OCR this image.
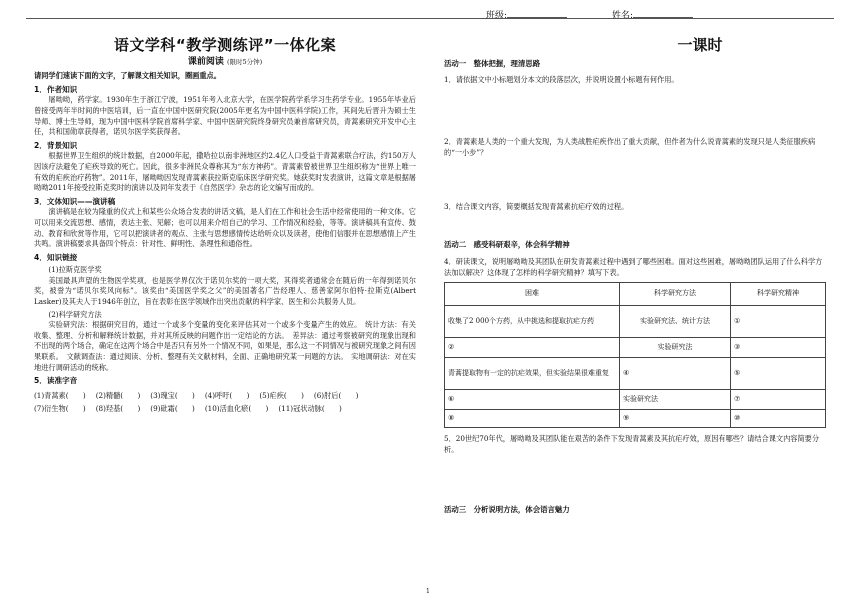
班级:	姓名:
语文学科“教学测练评”一体化案
课前阅读 (限时5分钟)
请同学们速读下面的文字，了解课文相关知识，圈画重点。
1．作者知识

屠呦呦，药学家。1930年生于浙江宁波，1951年考入北京大学，在医学院药学系学习生药学专业。1955年毕业后曾接受两年半时间的中医培训，后一直在中国中医研究院(2005年更名为中国中医科学院)工作，其间先后晋升为硕士生导师、博士生导师，现为中国中医科学院首席科学家、中国中医研究院终身研究员兼首席研究员，青蒿素研究开发中心主任，共和国勋章获得者，诺贝尔医学奖获得者。

2．背景知识

根据世界卫生组织的统计数据，自2000年起，撒哈拉以南非洲地区约2.4亿人口受益于青蒿素联合疗法，约150万人因该疗法避免了疟疾导致的死亡。因此，很多非洲民众尊称其为“东方神药”。青蒿素曾被世界卫生组织称为“世界上唯一有效的疟疾治疗药物”。2011年，屠呦呦因发现青蒿素获拉斯克临床医学研究奖。她获奖时发表演讲，这篇文章是根据屠呦呦2011年接受拉斯克奖时的演讲以及同年发表于《自然医学》杂志的论文编写而成的。

3．文体知识——演讲稿

演讲稿是在较为隆重的仪式上和某些公众场合发表的讲话文稿，是人们在工作和社会生活中经常使用的一种文体。它可以用来交流思想、感情，表达主张、见解；也可以用来介绍自己的学习、工作情况和经验，等等。演讲稿具有宣传、鼓动、教育和欣赏等作用，它可以把演讲者的观点、主张与思想感情传达给听众以及读者，使他们信服并在思想感情上产生共鸣。演讲稿要求具备四个特点：针对性、鲜明性、条理性和通俗性。

4．知识链接
(1)拉斯克医学奖

美国最具声望的生物医学奖项，也是医学界仅次于诺贝尔奖的一项大奖，其得奖者通常会在随后的一年得到诺贝尔奖，被誉为“诺贝尔奖风向标”。该奖由“美国医学奖之父”的美国著名广告经理人、慈善家阿尔伯特·拉斯克(Albert Lasker)及其夫人于1946年创立，旨在表彰在医学领域作出突出贡献的科学家、医生和公共服务人员。

(2)科学研究方法

实验研究法：根据研究目的，通过一个或多个变量的变化来评估其对一个或多个变量产生的效应。　统计方法：有关收集、整理、分析和解释统计数据，并对其所反映的问题作出一定结论的方法。　差异法：通过考察被研究的现象出现和不出现的两个场合，确定在这两个场合中是否只有另外一个情况不同，如果是，那么这一不同情况与被研究现象之间有因果联系。　文献调查法：通过阅读、分析、整理有关文献材料，全面、正确地研究某一问题的方法。　实地调研法：对在实地进行调研活动的统称。

5．读准字音
(1)青蒿素(　　) (2)精髓(　　) (3)瑰宝(　　) (4)呼吁(　　) (5)疟疾(　　) (6)肘后(　　)
(7)衍生物(　　) (8)羟基(　　) (9)砒霜(　　) (10)活血化瘀(　　) (11)冠状动脉(　　)
一课时
活动一　整体把握，理清思路
1．请依据文中小标题划分本文的段落层次，并说明设置小标题有何作用。
2．青蒿素是人类的一个重大发现，为人类战胜疟疾作出了重大贡献，但作者为什么说青蒿素的发现只是人类征服疾病的“一小步”？
3．结合课文内容，简要概括发现青蒿素抗疟疗效的过程。
活动二　感受科研艰辛，体会科学精神
4．研读课文，说明屠呦呦及其团队在研发青蒿素过程中遇到了哪些困难。面对这些困难，屠呦呦团队运用了什么科学方法加以解决？这体现了怎样的科学研究精神？填写下表。
困难	科学研究方法	科学研究精神
收集了2 000个方药，从中挑选和提取抗疟方药	实验研究法、统计方法	①
②	实验研究法	③
青蒿提取物有一定的抗疟效果，但实验结果很难重复	④	⑤
⑥	实验研究法	⑦
⑧	⑨	⑩
5．20世纪70年代，屠呦呦及其团队能在艰苦的条件下发现青蒿素及其抗疟疗效，原因有哪些？请结合课文内容简要分析。
活动三　分析说明方法，体会语言魅力
1
